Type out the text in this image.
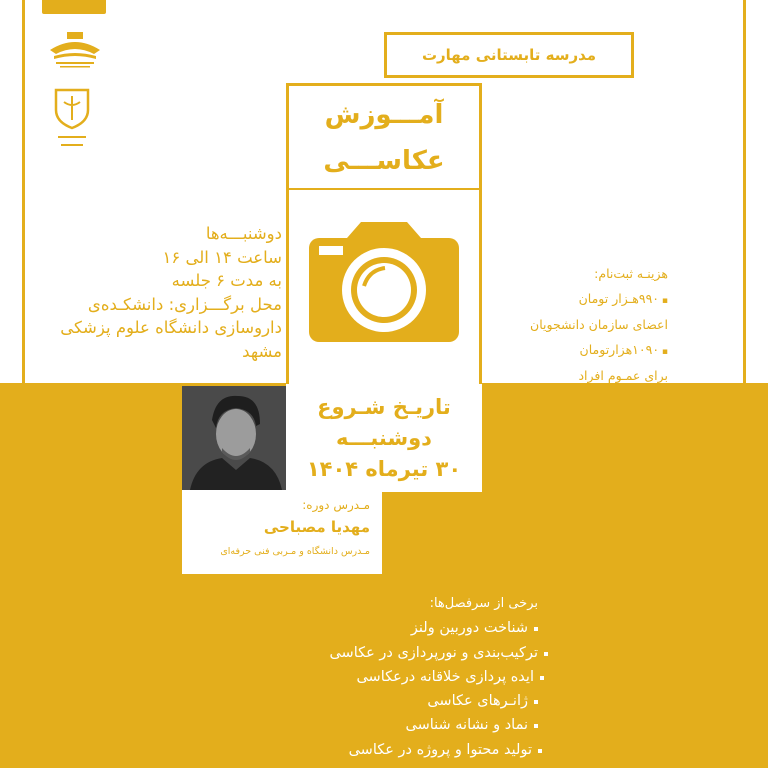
مدرسه تابستانی مهارت
آمـــوزش
عکاســـی
دوشنبـــه‌ها
ساعت ۱۴ الی ۱۶
به مدت ۶ جلسه
محل برگـــزاری: دانشکـده‌ی
داروسازی دانشگاه علوم پزشکی
مشهد
هزینـه ثبت‌نام:
▪ ۹۹۰هـزار تومان
اعضای سازمان دانشجویان
▪ ۱۰۹۰هزارتومان
برای عمـوم افراد
تاریـخ شـروع
دوشنبـــه
۳۰ تیرماه ۱۴۰۴
مـدرس دوره:
مهدیا مصباحی
مـدرس دانشگاه و مـربی فنی حرفه‌ای
برخی از سرفصل‌ها:
شناخت دوربین ولنز
ترکیب‌بندی و نورپردازی در عکاسی
ایده پردازی خلاقانه درعکاسی
ژانـرهای عکاسی
نماد و نشانه شناسی
تولید محتوا و پروژه در عکاسی
